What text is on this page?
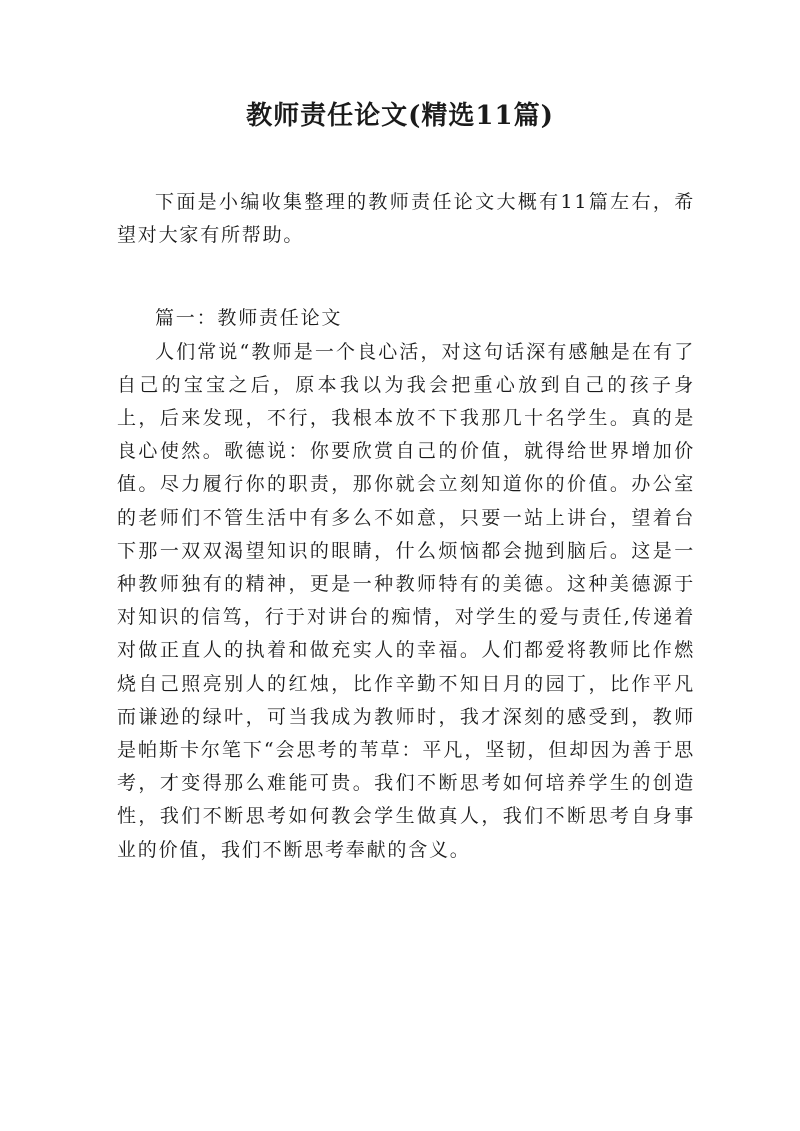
教师责任论文(精选11篇)

下面是小编收集整理的教师责任论文大概有11篇左右，希望对大家有所帮助。

篇一：教师责任论文

人们常说“教师是一个良心活，对这句话深有感触是在有了自己的宝宝之后，原本我以为我会把重心放到自己的孩子身上，后来发现，不行，我根本放不下我那几十名学生。真的是良心使然。歌德说：你要欣赏自己的价值，就得给世界增加价值。尽力履行你的职责，那你就会立刻知道你的价值。办公室的老师们不管生活中有多么不如意，只要一站上讲台，望着台下那一双双渴望知识的眼睛，什么烦恼都会抛到脑后。这是一种教师独有的精神，更是一种教师特有的美德。这种美德源于对知识的信笃，行于对讲台的痴情，对学生的爱与责任,传递着对做正直人的执着和做充实人的幸福。人们都爱将教师比作燃烧自己照亮别人的红烛，比作辛勤不知日月的园丁，比作平凡而谦逊的绿叶，可当我成为教师时，我才深刻的感受到，教师是帕斯卡尔笔下“会思考的苇草：平凡，坚韧，但却因为善于思考，才变得那么难能可贵。我们不断思考如何培养学生的创造性，我们不断思考如何教会学生做真人，我们不断思考自身事业的价值，我们不断思考奉献的含义。
